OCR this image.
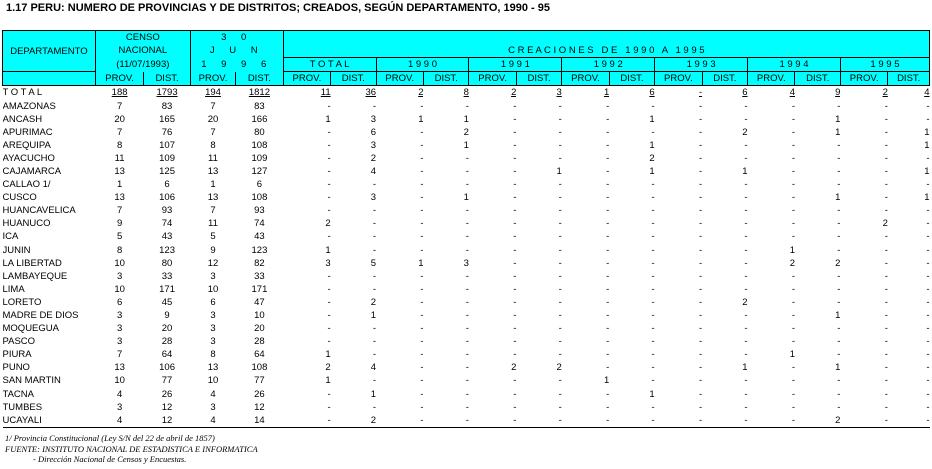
1.17 PERU: NUMERO DE PROVINCIAS Y DE DISTRITOS; CREADOS, SEGÚN DEPARTAMENTO, 1990 - 95
DEPARTAMENTO	CENSO		3 0															
	NACIONAL		J U N		C R E A C I O N E S   D E   1 9 9 0   A   1 9 9 5													
	(11/07/1993)		1 9 9 6		T O T A L		1 9 9 0		1 9 9 1		1 9 9 2		1 9 9 3		1 9 9 4		1 9 9 5	
	PROV.	DIST.	PROV.	DIST.	PROV.	DIST.	PROV.	DIST.	PROV.	DIST.	PROV.	DIST.	PROV.	DIST.	PROV.	DIST.	PROV.	DIST.
T O T A L	188	1793	194	1812	11	36	2	8	2	3	1	6	-	6	4	9	2	4
AMAZONAS	7	83	7	83	-	-	-	-	-	-	-	-	-	-	-	-	-	-
ANCASH	20	165	20	166	1	3	1	1	-	-	-	1	-	-	-	1	-	-
APURIMAC	7	76	7	80	-	6	-	2	-	-	-	-	-	2	-	1	-	1
AREQUIPA	8	107	8	108	-	3	-	1	-	-	-	1	-	-	-	-	-	1
AYACUCHO	11	109	11	109	-	2	-	-	-	-	-	2	-	-	-	-	-	-
CAJAMARCA	13	125	13	127	-	4	-	-	-	1	-	1	-	1	-	-	-	1
CALLAO 1/	1	6	1	6	-	-	-	-	-	-	-	-	-	-	-	-	-	-
CUSCO	13	106	13	108	-	3	-	1	-	-	-	-	-	-	-	1	-	1
HUANCAVELICA	7	93	7	93	-	-	-	-	-	-	-	-	-	-	-	-	-	-
HUANUCO	9	74	11	74	2	-	-	-	-	-	-	-	-	-	-	-	2	-
ICA	5	43	5	43	-	-	-	-	-	-	-	-	-	-	-	-	-	-
JUNIN	8	123	9	123	1	-	-	-	-	-	-	-	-	-	1	-	-	-
LA LIBERTAD	10	80	12	82	3	5	1	3	-	-	-	-	-	-	2	2	-	-
LAMBAYEQUE	3	33	3	33	-	-	-	-	-	-	-	-	-	-	-	-	-	-
LIMA	10	171	10	171	-	-	-	-	-	-	-	-	-	-	-	-	-	-
LORETO	6	45	6	47	-	2	-	-	-	-	-	-	-	2	-	-	-	-
MADRE DE DIOS	3	9	3	10	-	1	-	-	-	-	-	-	-	-	-	1	-	-
MOQUEGUA	3	20	3	20	-	-	-	-	-	-	-	-	-	-	-	-	-	-
PASCO	3	28	3	28	-	-	-	-	-	-	-	-	-	-	-	-	-	-
PIURA	7	64	8	64	1	-	-	-	-	-	-	-	-	-	1	-	-	-
PUNO	13	106	13	108	2	4	-	-	2	2	-	-	-	1	-	1	-	-
SAN MARTIN	10	77	10	77	1	-	-	-	-	-	1	-	-	-	-	-	-	-
TACNA	4	26	4	26	-	1	-	-	-	-	-	1	-	-	-	-	-	-
TUMBES	3	12	3	12	-	-	-	-	-	-	-	-	-	-	-	-	-	-
UCAYALI	4	12	4	14	-	2	-	-	-	-	-	-	-	-	-	2	-	-
1/ Provincia Constitucional (Ley S/N del 22 de abril de 1857)
FUENTE: INSTITUTO NACIONAL DE ESTADISTICA E INFORMATICA
- Dirección Nacional de Censos y Encuestas.
